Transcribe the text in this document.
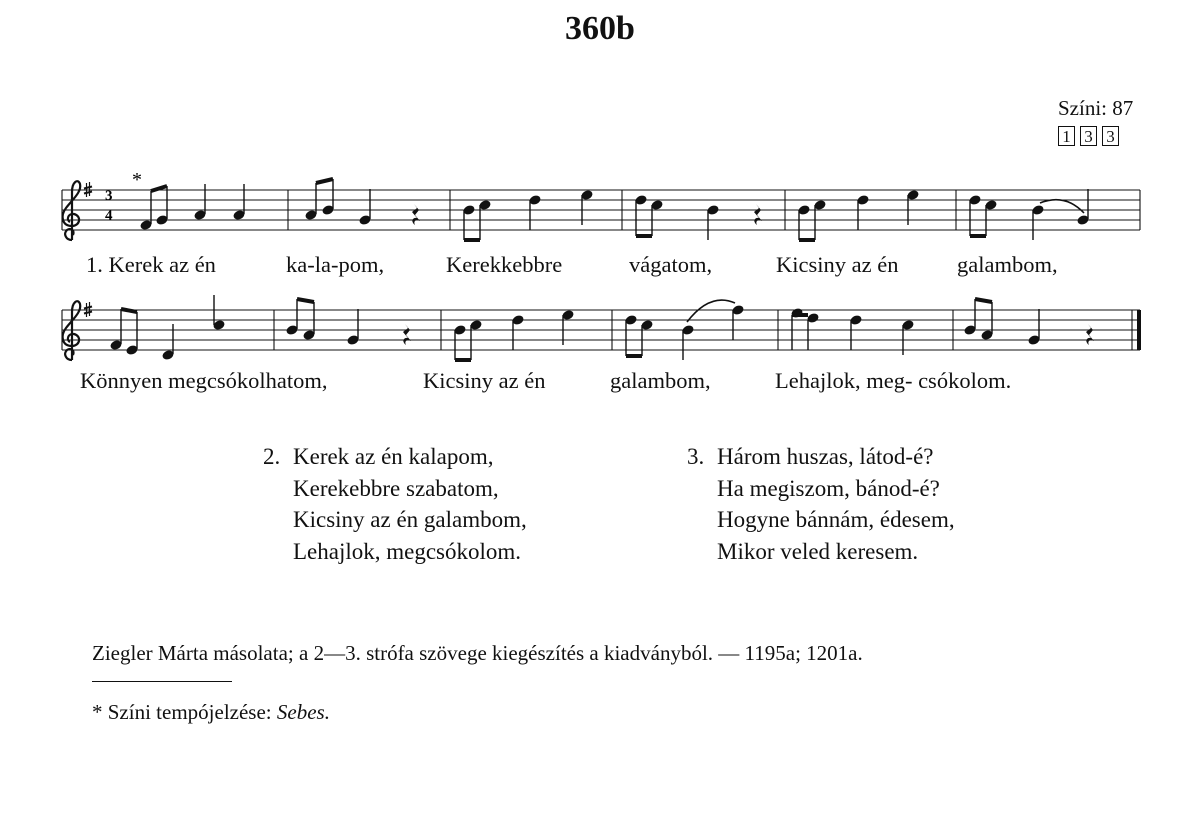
360b
Színi: 87
1 3 3
3
4
*
1. Kerek az én	ka-la-pom,	Kerekkebbre	vágatom,	Kicsiny az én	galambom,
Könnyen megcsókolhatom,	Kicsiny az én	galambom,	Lehajlok, meg- csókolom.
2. Kerek az én kalapom,
Kerekebbre szabatom,
Kicsiny az én galambom,
Lehajlok, megcsókolom.
3. Három huszas, látod-é?
Ha megiszom, bánod-é?
Hogyne bánnám, édesem,
Mikor veled keresem.
Ziegler Márta másolata; a 2—3. strófa szövege kiegészítés a kiadványból. — 1195a; 1201a.
* Színi tempójelzése: Sebes.
